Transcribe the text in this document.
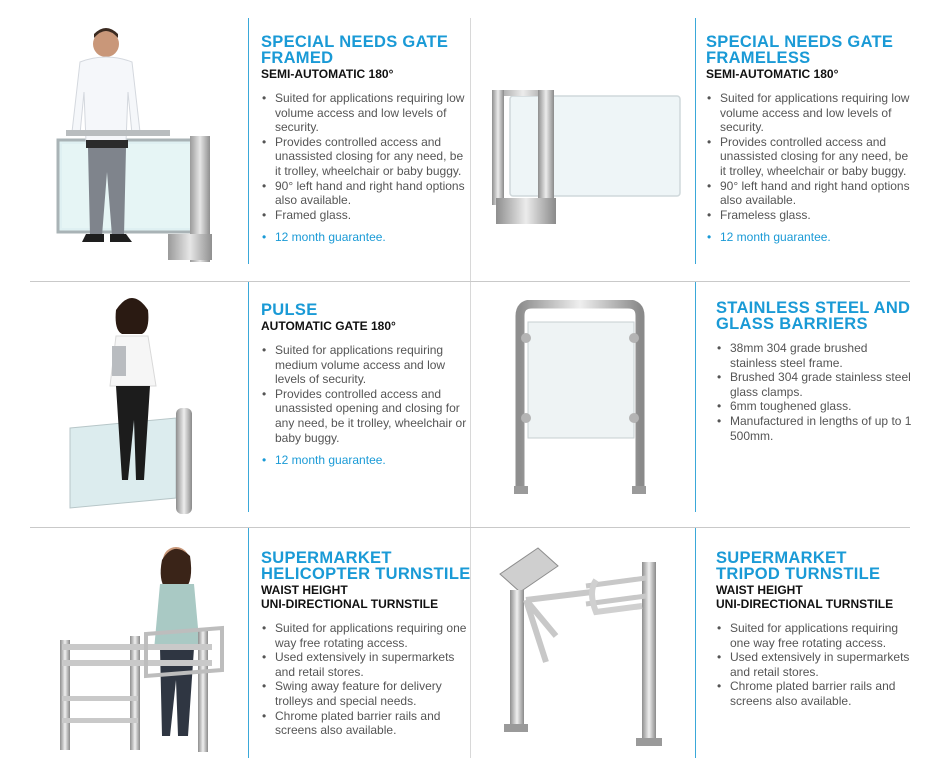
SPECIAL NEEDS GATE
FRAMED
SEMI-AUTOMATIC 180°
• Suited for applications requiring low volume access and low levels of security.
• Provides controlled access and unassisted closing for any need, be it trolley, wheelchair or baby buggy.
• 90° left hand and right hand options also available.
• Framed glass.
• 12 month guarantee.
SPECIAL NEEDS GATE
FRAMELESS
SEMI-AUTOMATIC 180°
• Suited for applications requiring low volume access and low levels of security.
• Provides controlled access and unassisted closing for any need, be it trolley, wheelchair or baby buggy.
• 90° left hand and right hand options also available.
• Frameless glass.
• 12 month guarantee.
PULSE
AUTOMATIC GATE 180°
• Suited for applications requiring medium volume access and low levels of security.
• Provides controlled access and unassisted opening and closing for any need, be it trolley, wheelchair or baby buggy.
• 12 month guarantee.
STAINLESS STEEL AND
GLASS BARRIERS
• 38mm 304 grade brushed stainless steel frame.
• Brushed 304 grade stainless steel glass clamps.
• 6mm toughened glass.
• Manufactured in lengths of up to 1 500mm.
SUPERMARKET
HELICOPTER TURNSTILE
WAIST HEIGHT
UNI-DIRECTIONAL TURNSTILE
• Suited for applications requiring one way free rotating access.
• Used extensively in supermarkets and retail stores.
• Swing away feature for delivery trolleys and special needs.
• Chrome plated barrier rails and screens also available.
SUPERMARKET
TRIPOD TURNSTILE
WAIST HEIGHT
UNI-DIRECTIONAL TURNSTILE
• Suited for applications requiring one way free rotating access.
• Used extensively in supermarkets and retail stores.
• Chrome plated barrier rails and screens also available.
